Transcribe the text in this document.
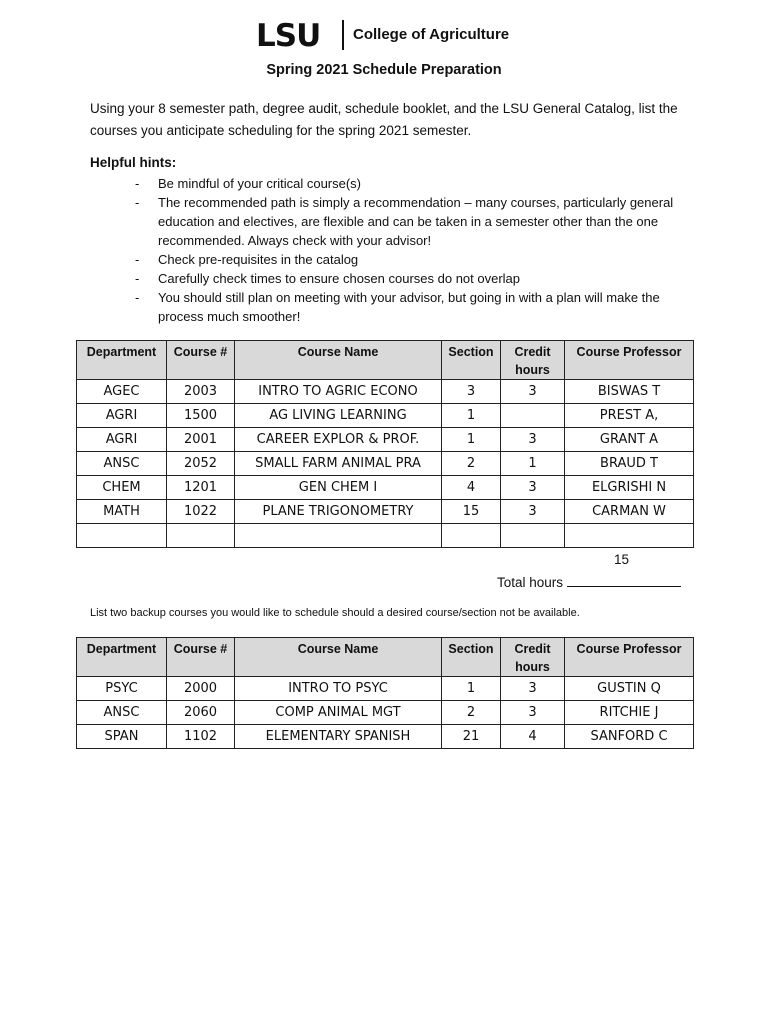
LSU College of Agriculture
Spring 2021 Schedule Preparation
Using your 8 semester path, degree audit, schedule booklet, and the LSU General Catalog, list the courses you anticipate scheduling for the spring 2021 semester.
Helpful hints:
- Be mindful of your critical course(s)
- The recommended path is simply a recommendation – many courses, particularly general education and electives, are flexible and can be taken in a semester other than the one recommended. Always check with your advisor!
- Check pre-requisites in the catalog
- Carefully check times to ensure chosen courses do not overlap
- You should still plan on meeting with your advisor, but going in with a plan will make the process much smoother!
Department	Course #	Course Name	Section	Credit hours	Course Professor
AGEC	2003	INTRO TO AGRIC ECONO	3	3	BISWAS T
AGRI	1500	AG LIVING LEARNING	1		PREST A,
AGRI	2001	CAREER EXPLOR & PROF.	1	3	GRANT A
ANSC	2052	SMALL FARM ANIMAL PRA	2	1	BRAUD T
CHEM	1201	GEN CHEM I	4	3	ELGRISHI N
MATH	1022	PLANE TRIGONOMETRY	15	3	CARMAN W

15
Total hours
List two backup courses you would like to schedule should a desired course/section not be available.
Department	Course #	Course Name	Section	Credit hours	Course Professor
PSYC	2000	INTRO TO PSYC	1	3	GUSTIN Q
ANSC	2060	COMP ANIMAL MGT	2	3	RITCHIE J
SPAN	1102	ELEMENTARY SPANISH	21	4	SANFORD C
